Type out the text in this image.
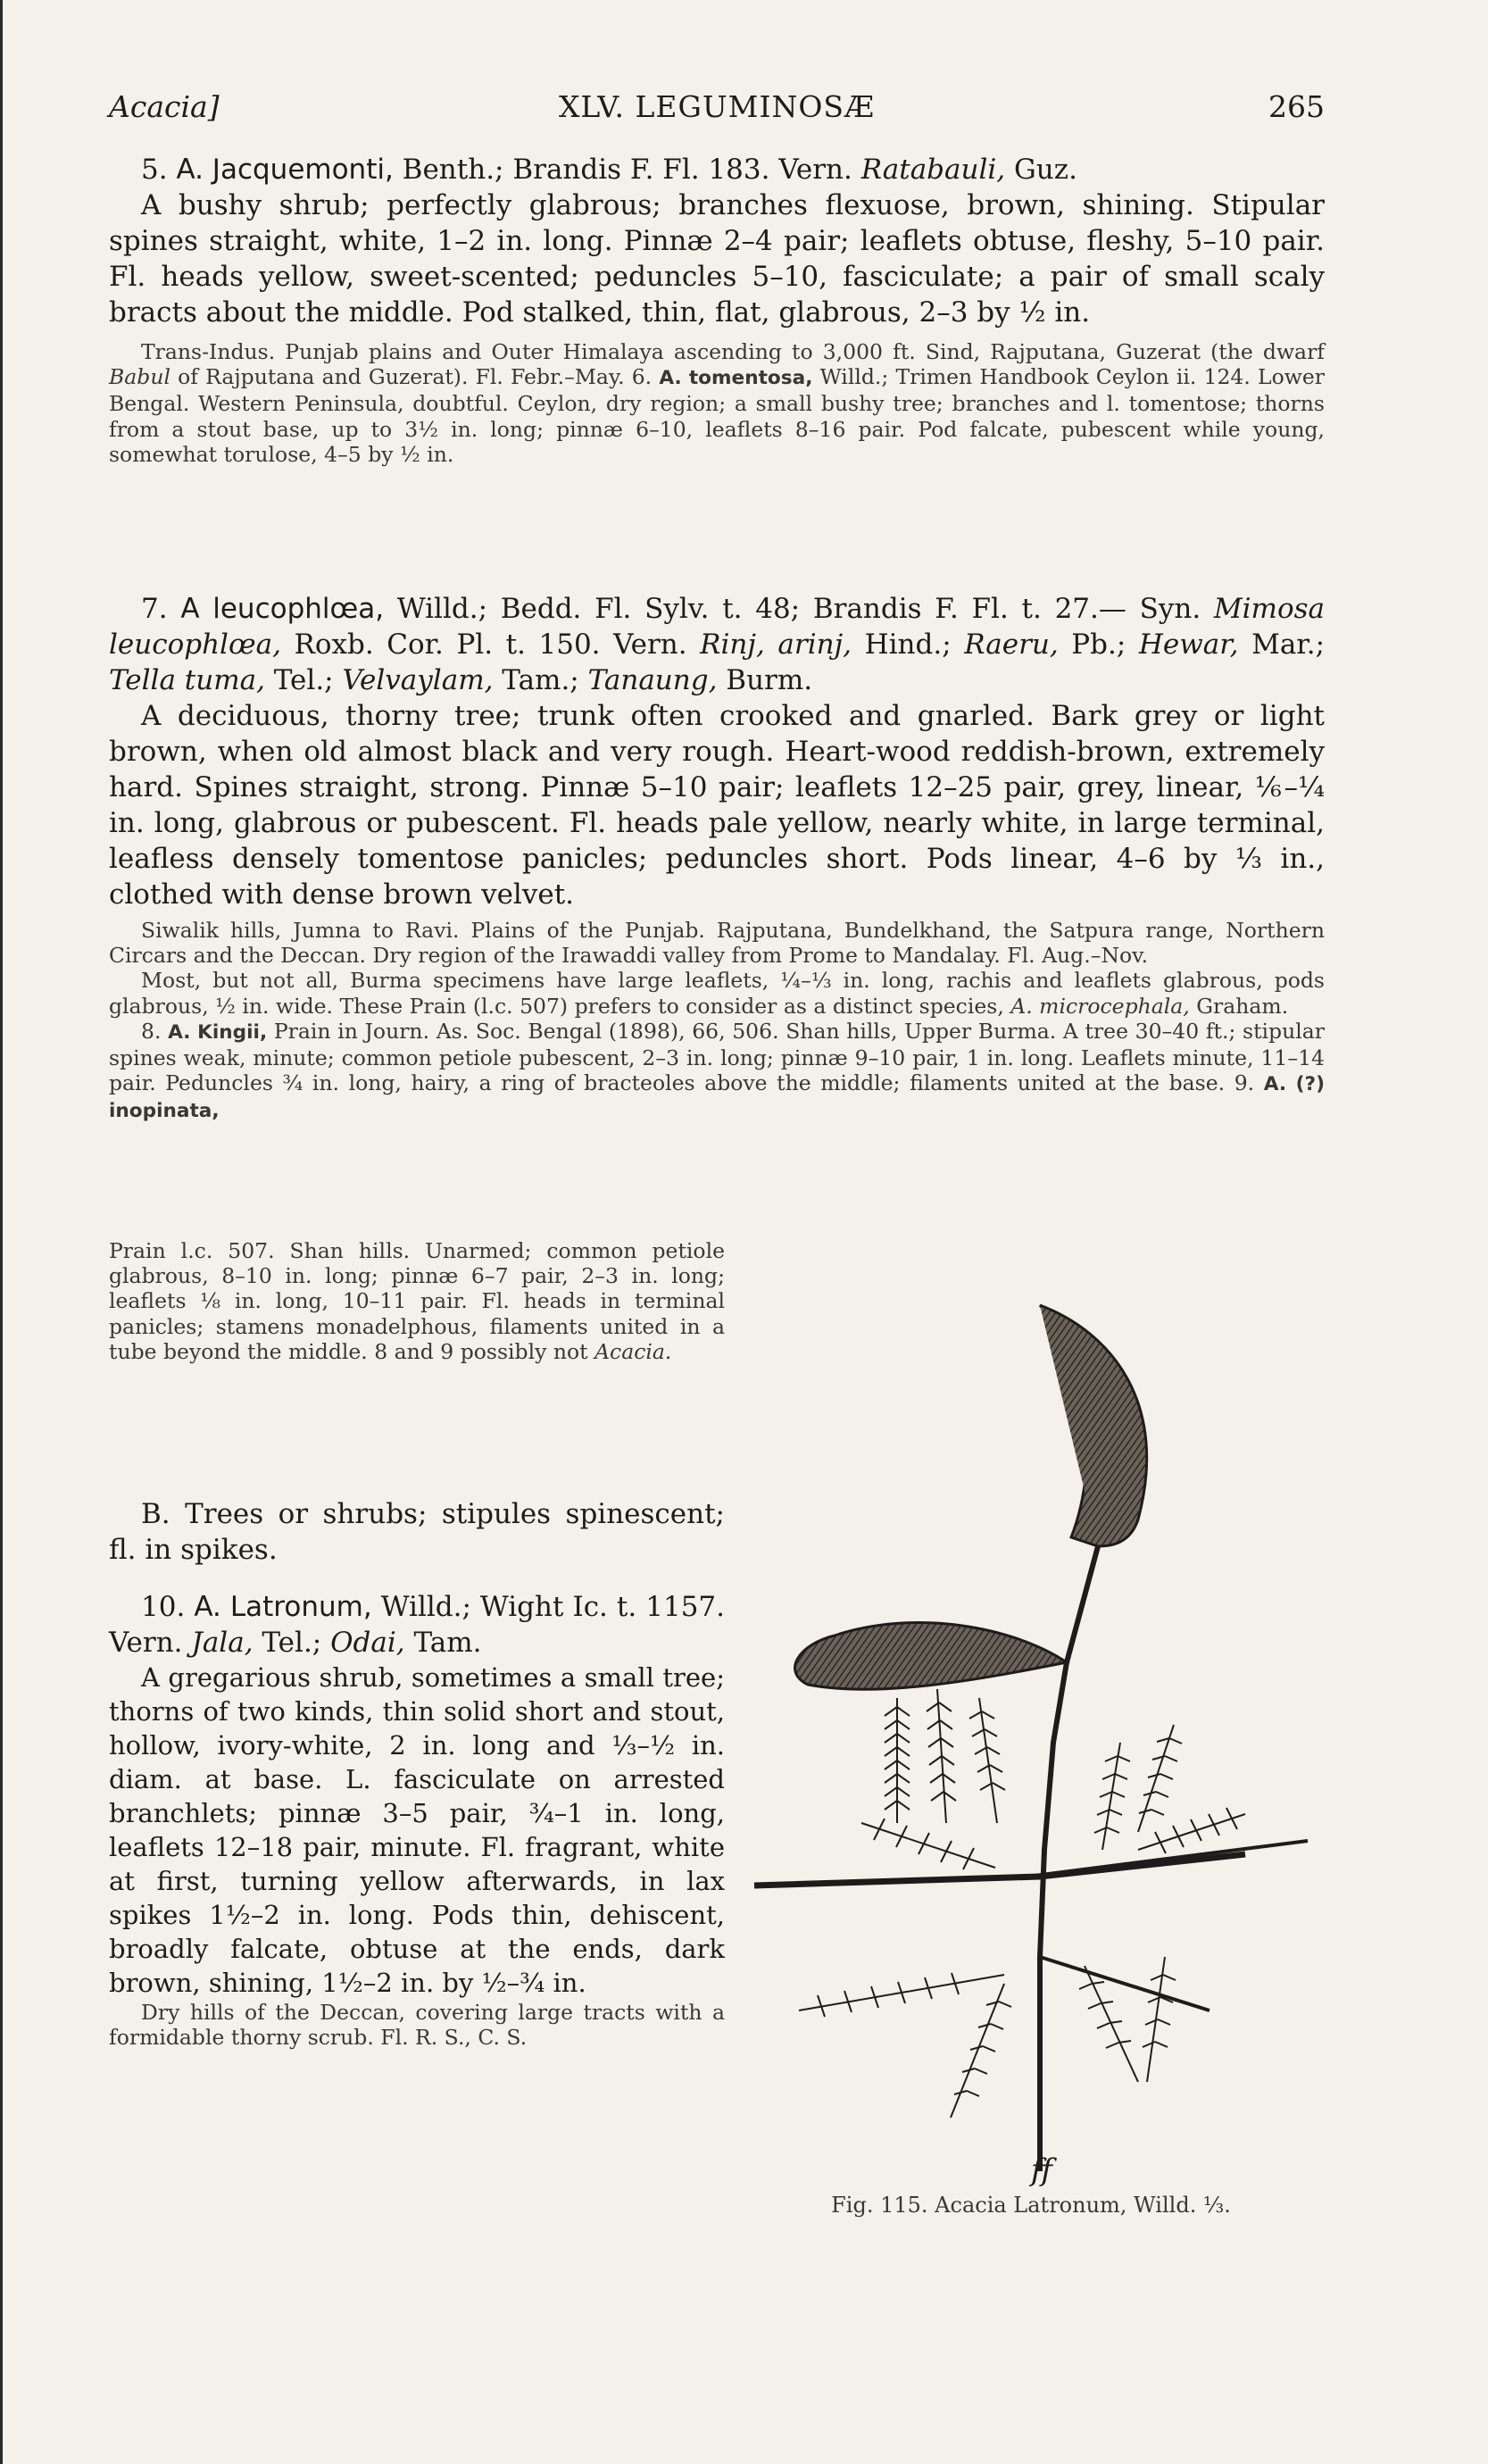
Acacia]	XLV. LEGUMINOSÆ	265

5. A. Jacquemonti, Benth.; Brandis F. Fl. 183. Vern. Ratabauli, Guz.

A bushy shrub; perfectly glabrous; branches flexuose, brown, shining. Stipular spines straight, white, 1–2 in. long. Pinnæ 2–4 pair; leaflets obtuse, fleshy, 5–10 pair. Fl. heads yellow, sweet-scented; peduncles 5–10, fasciculate; a pair of small scaly bracts about the middle. Pod stalked, thin, flat, glabrous, 2–3 by ½ in.

Trans-Indus. Punjab plains and Outer Himalaya ascending to 3,000 ft. Sind, Rajputana, Guzerat (the dwarf Babul of Rajputana and Guzerat). Fl. Febr.–May. 6. A. tomentosa, Willd.; Trimen Handbook Ceylon ii. 124. Lower Bengal. Western Peninsula, doubtful. Ceylon, dry region; a small bushy tree; branches and l. tomentose; thorns from a stout base, up to 3½ in. long; pinnæ 6–10, leaflets 8–16 pair. Pod falcate, pubescent while young, somewhat torulose, 4–5 by ½ in.

7. A leucophlœa, Willd.; Bedd. Fl. Sylv. t. 48; Brandis F. Fl. t. 27.— Syn. Mimosa leucophlœa, Roxb. Cor. Pl. t. 150. Vern. Rinj, arinj, Hind.; Raeru, Pb.; Hewar, Mar.; Tella tuma, Tel.; Velvaylam, Tam.; Tanaung, Burm.

A deciduous, thorny tree; trunk often crooked and gnarled. Bark grey or light brown, when old almost black and very rough. Heart-wood reddish-brown, extremely hard. Spines straight, strong. Pinnæ 5–10 pair; leaflets 12–25 pair, grey, linear, ⅙–¼ in. long, glabrous or pubescent. Fl. heads pale yellow, nearly white, in large terminal, leafless densely tomentose panicles; peduncles short. Pods linear, 4–6 by ⅓ in., clothed with dense brown velvet.

Siwalik hills, Jumna to Ravi. Plains of the Punjab. Rajputana, Bundelkhand, the Satpura range, Northern Circars and the Deccan. Dry region of the Irawaddi valley from Prome to Mandalay. Fl. Aug.–Nov.

Most, but not all, Burma specimens have large leaflets, ¼–⅓ in. long, rachis and leaflets glabrous, pods glabrous, ½ in. wide. These Prain (l.c. 507) prefers to consider as a distinct species, A. microcephala, Graham.

8. A. Kingii, Prain in Journ. As. Soc. Bengal (1898), 66, 506. Shan hills, Upper Burma. A tree 30–40 ft.; stipular spines weak, minute; common petiole pubescent, 2–3 in. long; pinnæ 9–10 pair, 1 in. long. Leaflets minute, 11–14 pair. Peduncles ¾ in. long, hairy, a ring of bracteoles above the middle; filaments united at the base. 9. A. (?) inopinata,

Prain l.c. 507. Shan hills. Unarmed; common petiole glabrous, 8–10 in. long; pinnæ 6–7 pair, 2–3 in. long; leaflets ⅛ in. long, 10–11 pair. Fl. heads in terminal panicles; stamens monadelphous, filaments united in a tube beyond the middle. 8 and 9 possibly not Acacia.

B. Trees or shrubs; stipules spinescent; fl. in spikes.

10. A. Latronum, Willd.; Wight Ic. t. 1157. Vern. Jala, Tel.; Odai, Tam.

A gregarious shrub, sometimes a small tree; thorns of two kinds, thin solid short and stout, hollow, ivory-white, 2 in. long and ⅓–½ in. diam. at base. L. fasciculate on arrested branchlets; pinnæ 3–5 pair, ¾–1 in. long, leaflets 12–18 pair, minute. Fl. fragrant, white at first, turning yellow afterwards, in lax spikes 1½–2 in. long. Pods thin, dehiscent, broadly falcate, obtuse at the ends, dark brown, shining, 1½–2 in. by ½–¾ in.

Dry hills of the Deccan, covering large tracts with a formidable thorny scrub. Fl. R. S., C. S.

ff
Fig. 115. Acacia Latronum, Willd. ⅓.
